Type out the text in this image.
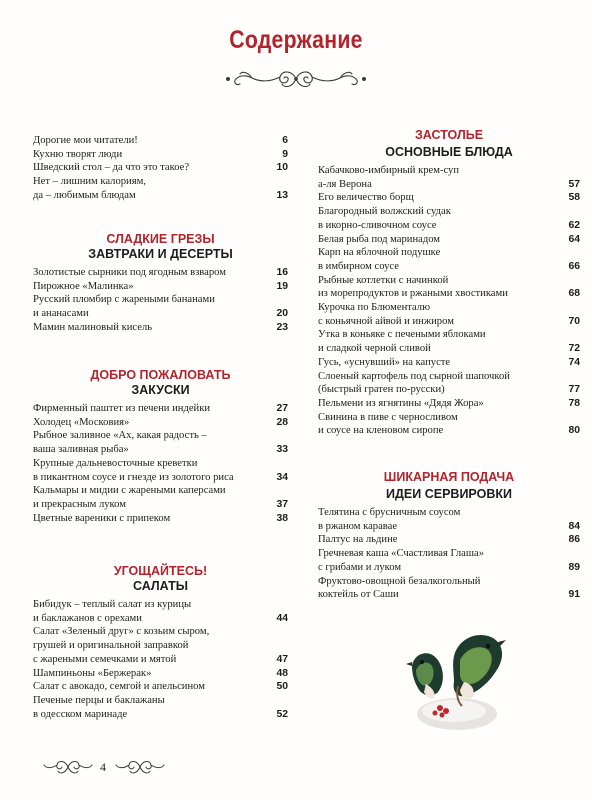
Содержание
Дорогие мои читатели!	6
Кухню творят люди	9
Шведский стол – да что это такое?	10
Нет – лишним калориям,
да – любимым блюдам	13
СЛАДКИЕ ГРЕЗЫ
ЗАВТРАКИ И ДЕСЕРТЫ
Золотистые сырники под ягодным взваром	16
Пирожное «Малинка»	19
Русский пломбир с жареными бананами
и ананасами	20
Мамин малиновый кисель	23
ДОБРО ПОЖАЛОВАТЬ
ЗАКУСКИ
Фирменный паштет из печени индейки	27
Холодец «Московия»	28
Рыбное заливное «Ах, какая радость –
ваша заливная рыба»	33
Крупные дальневосточные креветки
в пикантном соусе и гнезде из золотого риса	34
Кальмары и мидии с жареными каперсами
и прекрасным луком	37
Цветные вареники с припеком	38
УГОЩАЙТЕСЬ!
САЛАТЫ
Бибидук – теплый салат из курицы
и баклажанов с орехами	44
Салат «Зеленый друг» с козьим сыром,
грушей и оригинальной заправкой
с жареными семечками и мятой	47
Шампиньоны «Бержерак»	48
Салат с авокадо, семгой и апельсином	50
Печеные перцы и баклажаны
в одесском маринаде	52
ЗАСТОЛЬЕ
ОСНОВНЫЕ БЛЮДА
Кабачково-имбирный крем-суп
а-ля Верона	57
Его величество борщ	58
Благородный волжский судак
в икорно-сливочном соусе	62
Белая рыба под маринадом	64
Карп на яблочной подушке
в имбирном соусе	66
Рыбные котлетки с начинкой
из морепродуктов и ржаными хвостиками	68
Курочка по Блюменталю
с коньячной айвой и инжиром	70
Утка в коньяке с печеными яблоками
и сладкой черной сливой	72
Гусь, «уснувший» на капусте	74
Слоеный картофель под сырной шапочкой
(быстрый гратен по-русски)	77
Пельмени из ягнятины «Дядя Жора»	78
Свинина в пиве с черносливом
и соусе на кленовом сиропе	80
ШИКАРНАЯ ПОДАЧА
ИДЕИ СЕРВИРОВКИ
Телятина с брусничным соусом
в ржаном каравае	84
Палтус на льдине	86
Гречневая каша «Счастливая Глаша»
с грибами и луком	89
Фруктово-овощной безалкогольный
коктейль от Саши	91
4
